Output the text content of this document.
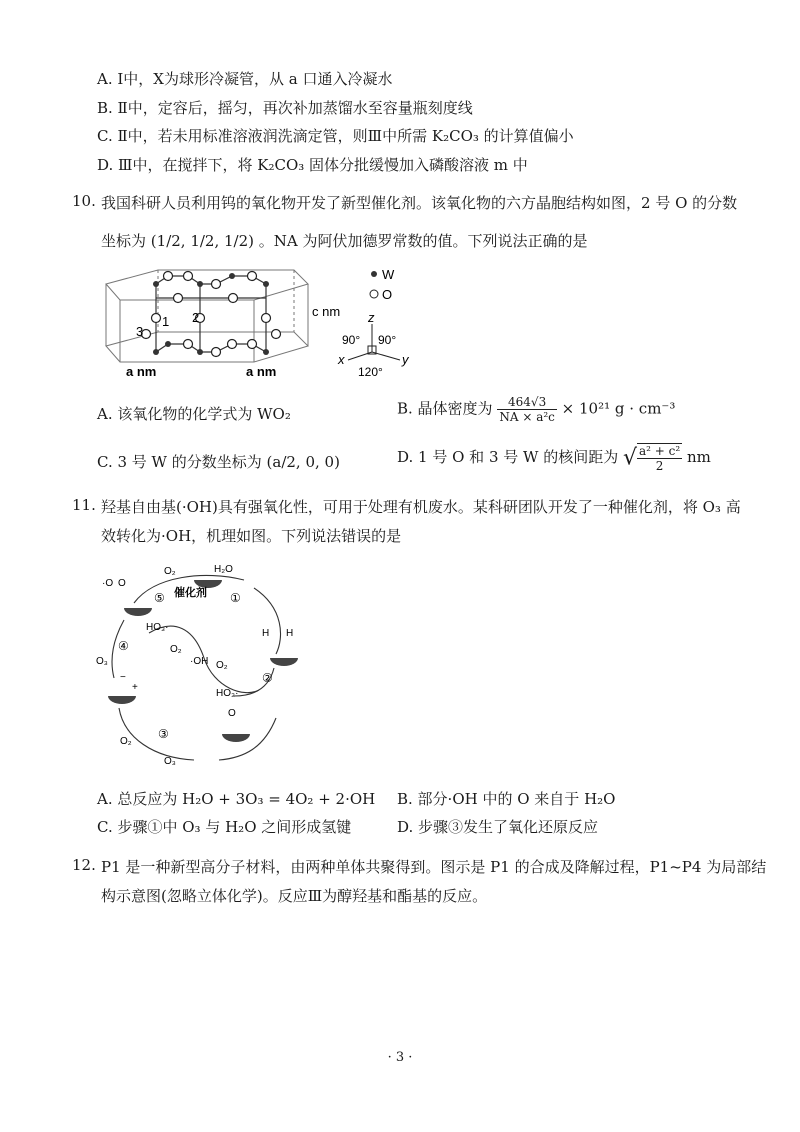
A. Ⅰ中，X为球形冷凝管，从 a 口通入冷凝水
B. Ⅱ中，定容后，摇匀，再次补加蒸馏水至容量瓶刻度线
C. Ⅱ中，若未用标准溶液润洗滴定管，则Ⅲ中所需 K₂CO₃ 的计算值偏小
D. Ⅲ中，在搅拌下，将 K₂CO₃ 固体分批缓慢加入磷酸溶液 m 中
10. 我国科研人员利用钨的氧化物开发了新型催化剂。该氧化物的六方晶胞结构如图，2 号 O 的分数
坐标为 (1/2, 1/2, 1/2) 。NA 为阿伏加德罗常数的值。下列说法正确的是
1 2
3
c nm
a nm	a nm
W
O
z
x	y
90° 90°
120°
A. 该氧化物的化学式为 WO₂	B. 晶体密度为 $\frac{464√3}{\text{NA × a²c}} \times 10^{21}$ g · cm⁻³
C. 3 号 W 的分数坐标为 (a/2, 0, 0)	D. 1 号 O 和 3 号 W 的核间距为 √ $\frac{\text{a² + c²}}{2}$ nm
11. 羟基自由基(·OH)具有强氧化性，可用于处理有机废水。某科研团队开发了一种催化剂，将 O₃ 高
效转化为·OH，机理如图。下列说法错误的是
催化剂
⑤	①
②
③
④
H₂O
O₂
O₃
HO₃·
O₂
·OH O₂
HO₃·
O₂
O₃
·O O
H H
O
−
+
A. 总反应为 H₂O + 3O₃ = 4O₂ + 2·OH B. 部分·OH 中的 O 来自于 H₂O
C. 步骤①中 O₃ 与 H₂O 之间形成氢键	D. 步骤③发生了氧化还原反应
12. P1 是一种新型高分子材料，由两种单体共聚得到。图示是 P1 的合成及降解过程，P1~P4 为局部结
构示意图(忽略立体化学)。反应Ⅲ为醇羟基和酯基的反应。
· 3 ·
